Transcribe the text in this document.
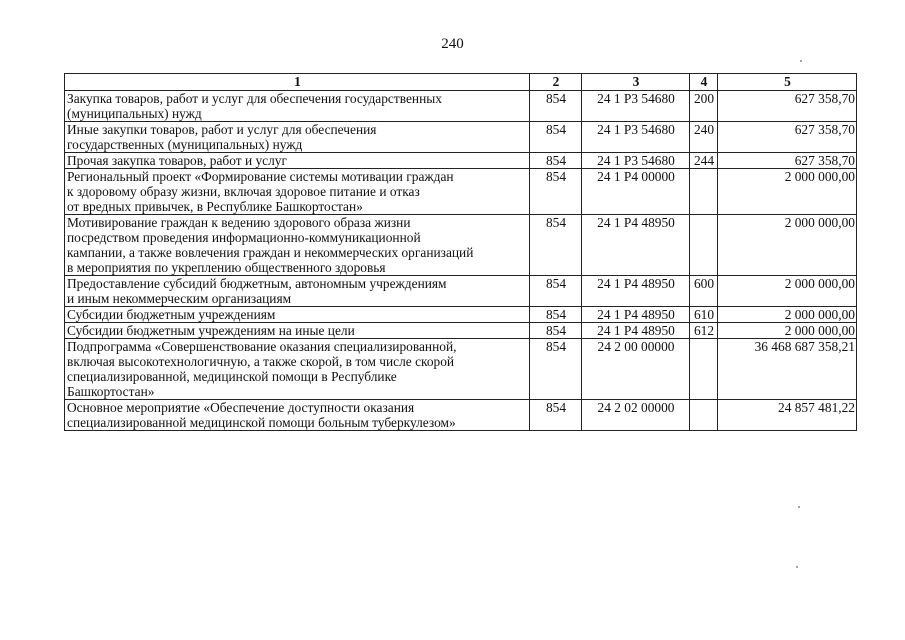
240
1	2	3	4	5
Закупка товаров, работ и услуг для обеспечения государственных
(муниципальных) нужд	854	24 1 P3 54680	200	627 358,70
Иные закупки товаров, работ и услуг для обеспечения
государственных (муниципальных) нужд	854	24 1 P3 54680	240	627 358,70
Прочая закупка товаров, работ и услуг	854	24 1 P3 54680	244	627 358,70
Региональный проект «Формирование системы мотивации граждан
к здоровому образу жизни, включая здоровое питание и отказ
от вредных привычек, в Республике Башкортостан»	854	24 1 P4 00000		2 000 000,00
Мотивирование граждан к ведению здорового образа жизни
посредством проведения информационно-коммуникационной
кампании, а также вовлечения граждан и некоммерческих организаций
в мероприятия по укреплению общественного здоровья	854	24 1 P4 48950		2 000 000,00
Предоставление субсидий бюджетным, автономным учреждениям
и иным некоммерческим организациям	854	24 1 P4 48950	600	2 000 000,00
Субсидии бюджетным учреждениям	854	24 1 P4 48950	610	2 000 000,00
Субсидии бюджетным учреждениям на иные цели	854	24 1 P4 48950	612	2 000 000,00
Подпрограмма «Совершенствование оказания специализированной,
включая высокотехнологичную, а также скорой, в том числе скорой
специализированной, медицинской помощи в Республике
Башкортостан»	854	24 2 00 00000		36 468 687 358,21
Основное мероприятие «Обеспечение доступности оказания
специализированной медицинской помощи больным туберкулезом»	854	24 2 02 00000		24 857 481,22
